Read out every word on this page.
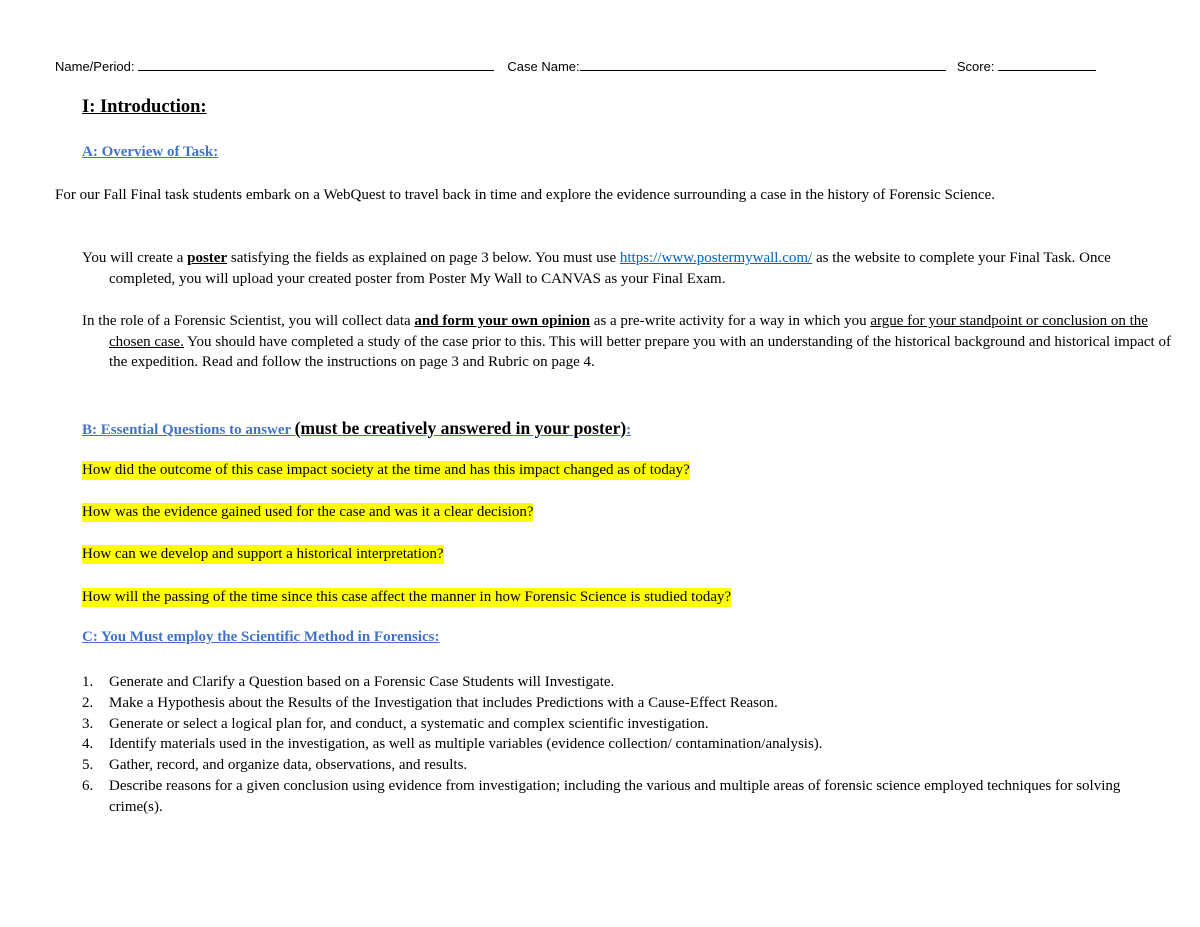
Name/Period:	Case Name:	Score:
I: Introduction:
A: Overview of Task:
For our Fall Final task students embark on a WebQuest to travel back in time and explore the evidence surrounding a case in the history of Forensic Science.
You will create a poster satisfying the fields as explained on page 3 below. You must use https://www.postermywall.com/ as the website to complete your Final Task. Once completed, you will upload your created poster from Poster My Wall to CANVAS as your Final Exam.
In the role of a Forensic Scientist, you will collect data and form your own opinion as a pre-write activity for a way in which you argue for your standpoint or conclusion on the chosen case. You should have completed a study of the case prior to this. This will better prepare you with an understanding of the historical background and historical impact of the expedition. Read and follow the instructions on page 3 and Rubric on page 4.
B: Essential Questions to answer (must be creatively answered in your poster):
How did the outcome of this case impact society at the time and has this impact changed as of today?
How was the evidence gained used for the case and was it a clear decision?
How can we develop and support a historical interpretation?
How will the passing of the time since this case affect the manner in how Forensic Science is studied today?
C: You Must employ the Scientific Method in Forensics:
1. Generate and Clarify a Question based on a Forensic Case Students will Investigate.
2. Make a Hypothesis about the Results of the Investigation that includes Predictions with a Cause-Effect Reason.
3. Generate or select a logical plan for, and conduct, a systematic and complex scientific investigation.
4. Identify materials used in the investigation, as well as multiple variables (evidence collection/ contamination/analysis).
5. Gather, record, and organize data, observations, and results.
6. Describe reasons for a given conclusion using evidence from investigation; including the various and multiple areas of forensic science employed techniques for solving crime(s).
